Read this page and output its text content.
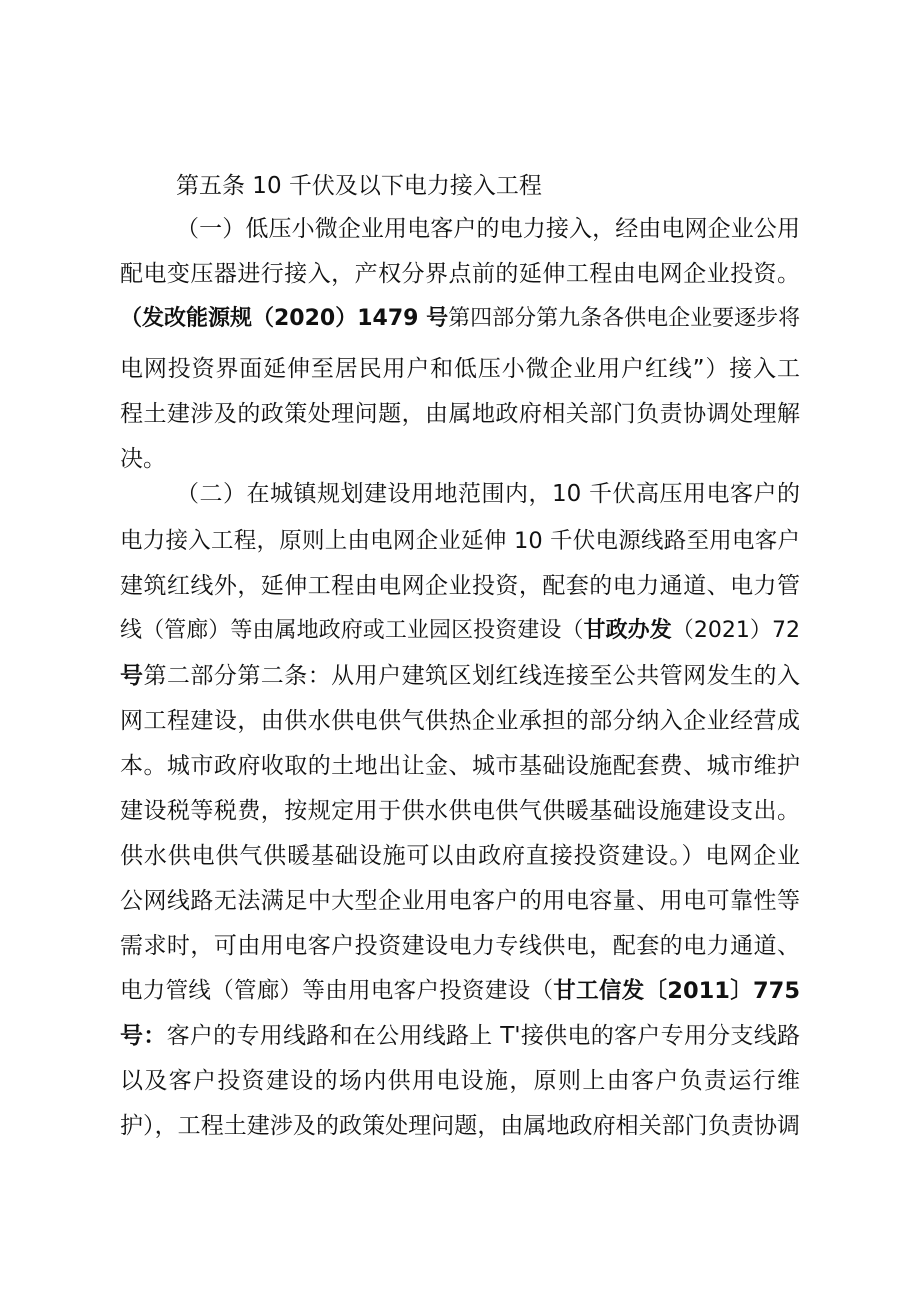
第五条 10 千伏及以下电力接入工程
（一）低压小微企业用电客户的电力接入，经由电网企业公用
配电变压器进行接入，产权分界点前的延伸工程由电网企业投资。
（发改能源规（2020）1479 号第四部分第九条各供电企业要逐步将
电网投资界面延伸至居民用户和低压小微企业用户红线”）接入工
程土建涉及的政策处理问题，由属地政府相关部门负责协调处理解
决。
（二）在城镇规划建设用地范围内，10 千伏高压用电客户的
电力接入工程，原则上由电网企业延伸 10 千伏电源线路至用电客户
建筑红线外，延伸工程由电网企业投资，配套的电力通道、电力管
线（管廊）等由属地政府或工业园区投资建设（甘政办发（2021）72
号第二部分第二条：从用户建筑区划红线连接至公共管网发生的入
网工程建设，由供水供电供气供热企业承担的部分纳入企业经营成
本。城市政府收取的土地出让金、城市基础设施配套费、城市维护
建设税等税费，按规定用于供水供电供气供暖基础设施建设支出。
供水供电供气供暖基础设施可以由政府直接投资建设。）电网企业
公网线路无法满足中大型企业用电客户的用电容量、用电可靠性等
需求时，可由用电客户投资建设电力专线供电，配套的电力通道、
电力管线（管廊）等由用电客户投资建设（甘工信发〔2011〕775
号：客户的专用线路和在公用线路上 T'接供电的客户专用分支线路
以及客户投资建设的场内供用电设施，原则上由客户负责运行维
护），工程土建涉及的政策处理问题，由属地政府相关部门负责协调
